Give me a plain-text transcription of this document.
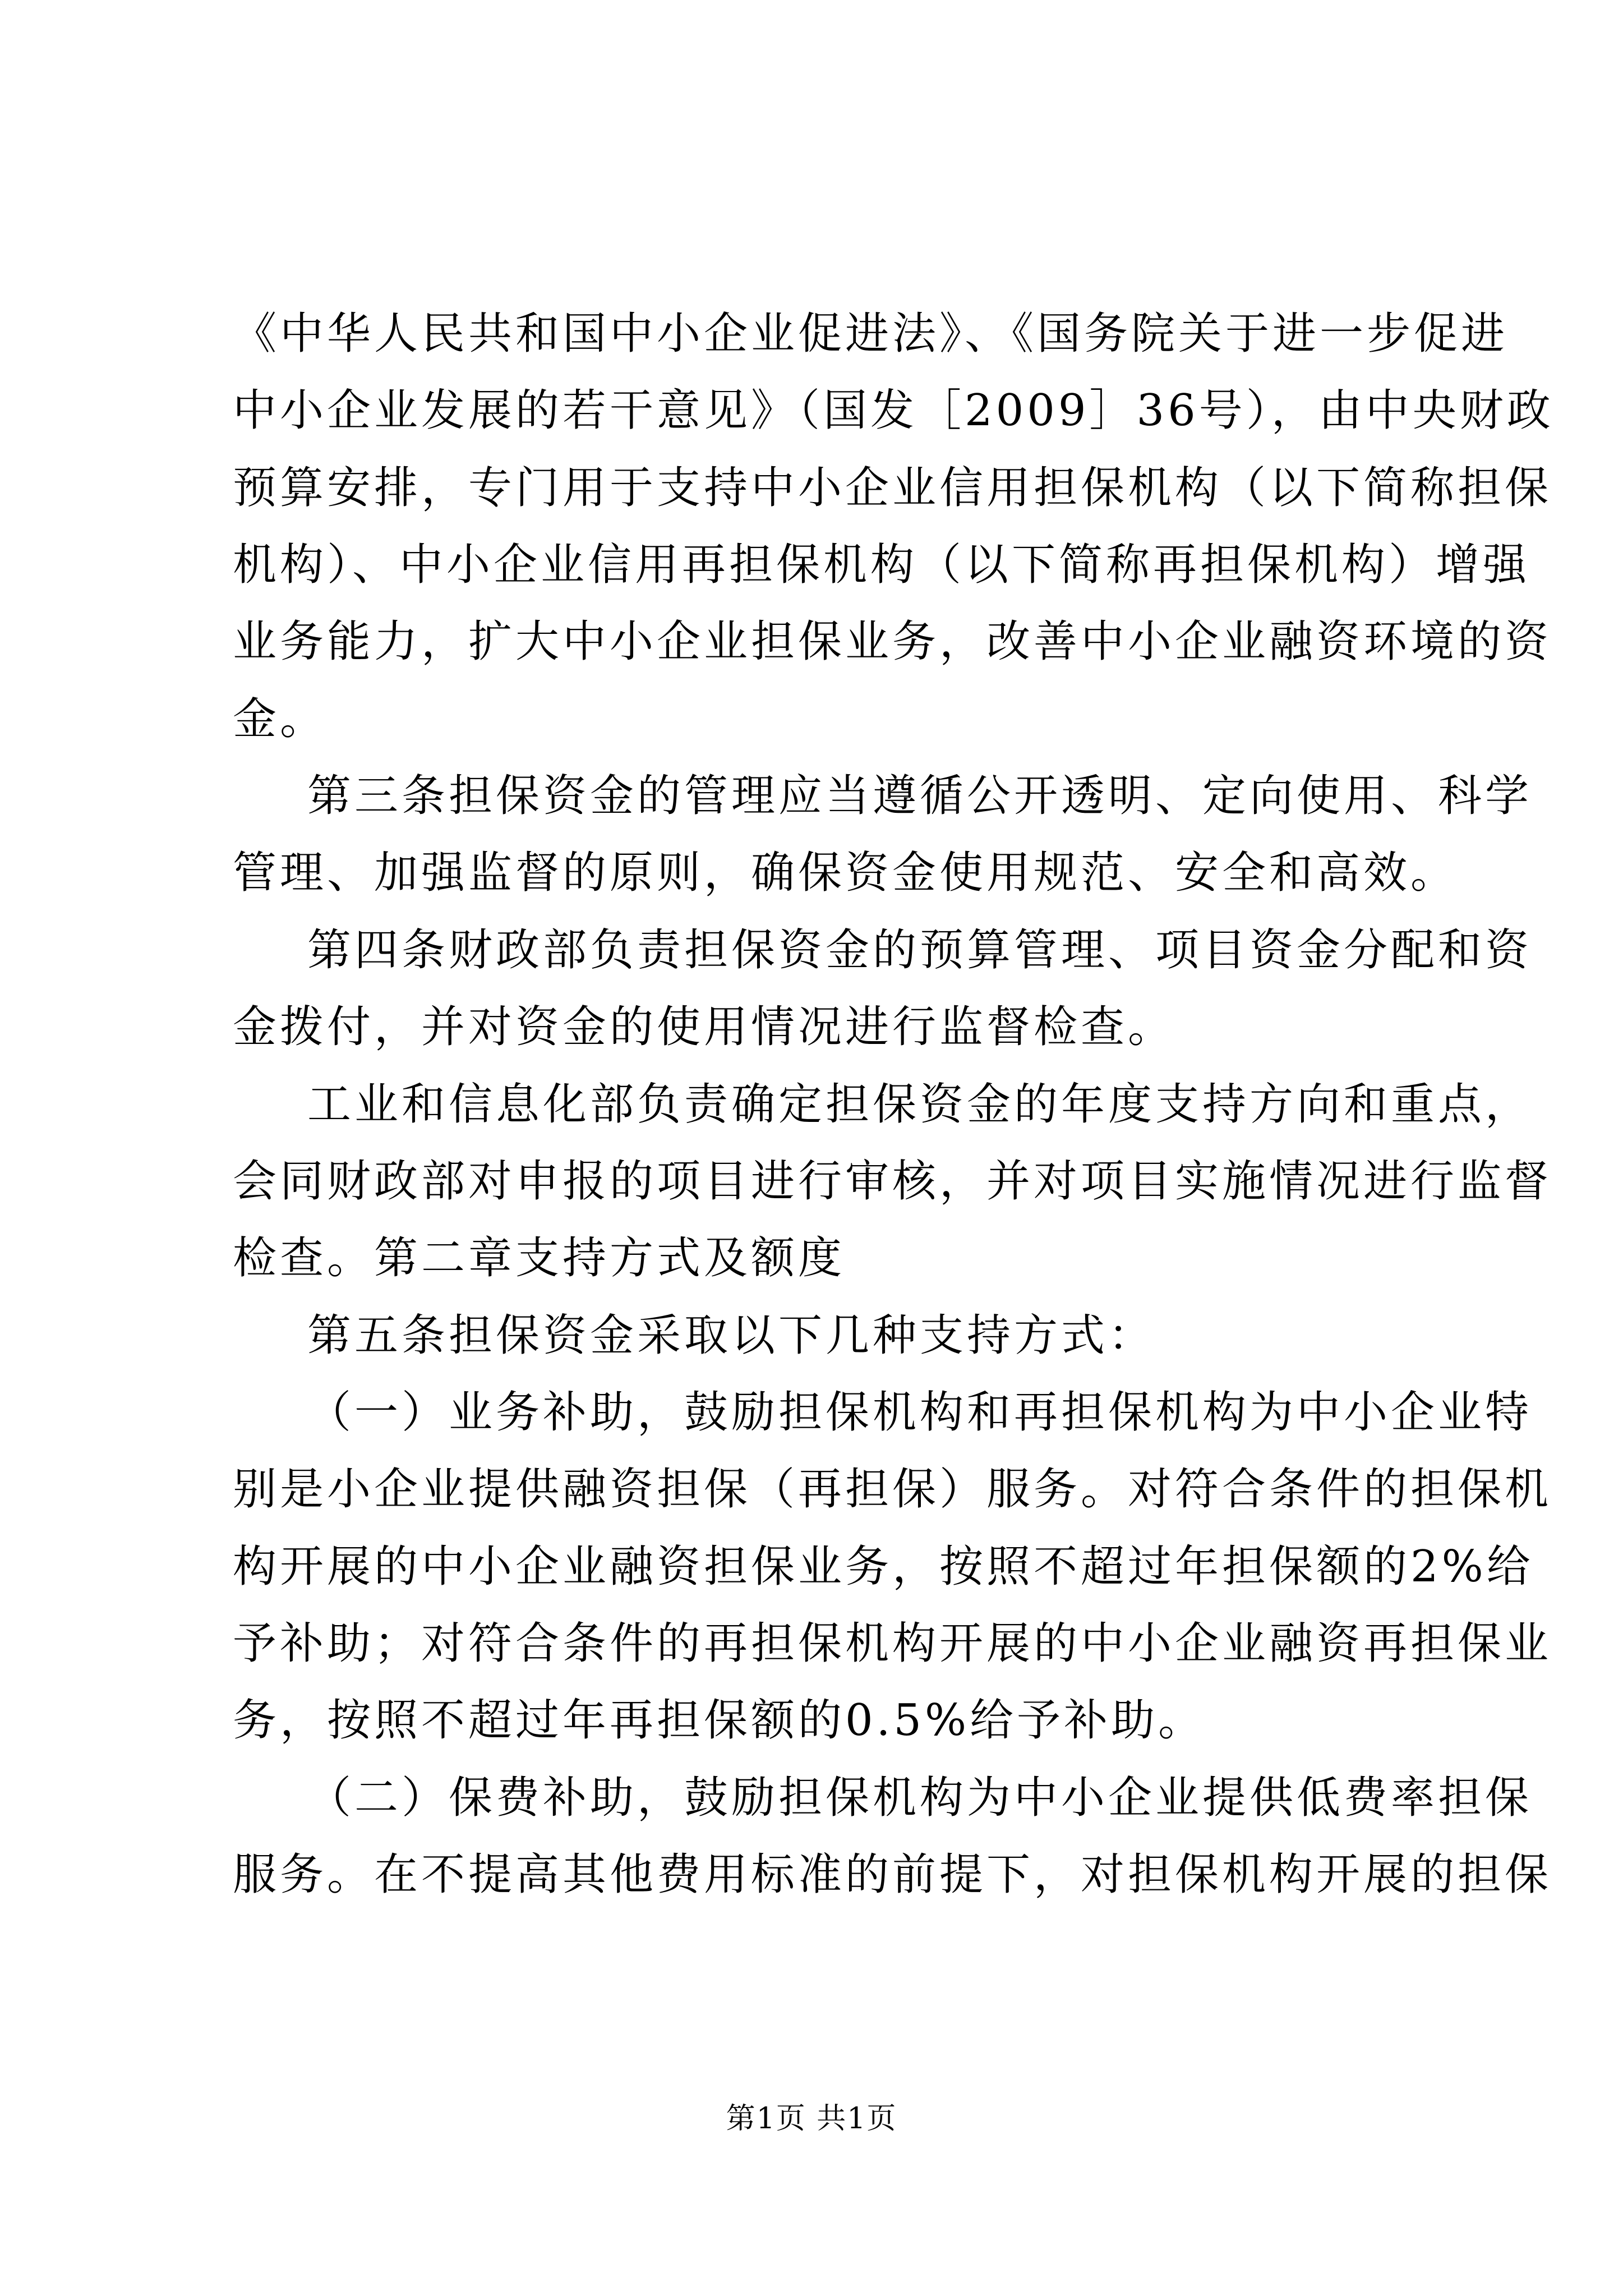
《中华人民共和国中小企业促进法》、《国务院关于进一步促进
中小企业发展的若干意见》（国发［2009］36号），由中央财政
预算安排，专门用于支持中小企业信用担保机构（以下简称担保
机构）、中小企业信用再担保机构（以下简称再担保机构）增强
业务能力，扩大中小企业担保业务，改善中小企业融资环境的资
金。
第三条担保资金的管理应当遵循公开透明、定向使用、科学
管理、加强监督的原则，确保资金使用规范、安全和高效。
第四条财政部负责担保资金的预算管理、项目资金分配和资
金拨付，并对资金的使用情况进行监督检查。
工业和信息化部负责确定担保资金的年度支持方向和重点，
会同财政部对申报的项目进行审核，并对项目实施情况进行监督
检查。第二章支持方式及额度
第五条担保资金采取以下几种支持方式：
（一）业务补助，鼓励担保机构和再担保机构为中小企业特
别是小企业提供融资担保（再担保）服务。对符合条件的担保机
构开展的中小企业融资担保业务，按照不超过年担保额的2%给
予补助；对符合条件的再担保机构开展的中小企业融资再担保业
务，按照不超过年再担保额的0.5%给予补助。
（二）保费补助，鼓励担保机构为中小企业提供低费率担保
服务。在不提高其他费用标准的前提下，对担保机构开展的担保
第1页 共1页
